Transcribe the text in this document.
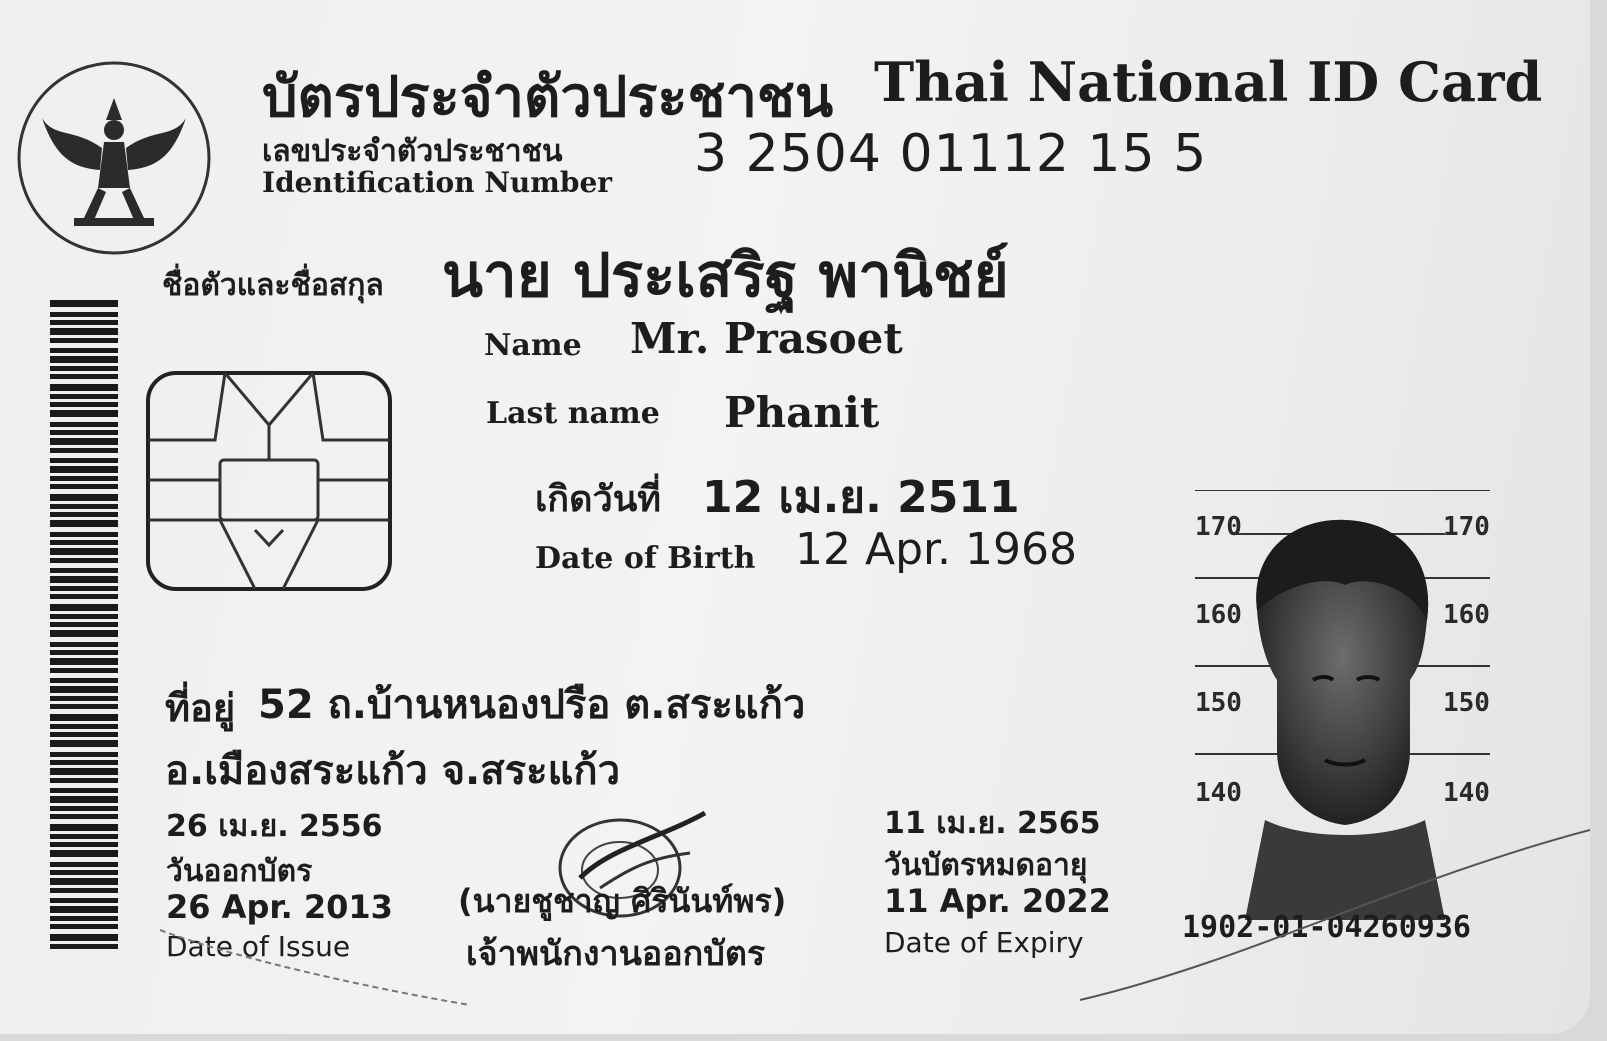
บัตรประจำตัวประชาชน Thai National ID Card
เลขประจำตัวประชาชน
Identification Number 3 2504 01112 15 5
ชื่อตัวและชื่อสกุล นาย ประเสริฐ พานิชย์
Name Mr. Prasoet
Last name Phanit
เกิดวันที่ 12 เม.ย. 2511
Date of Birth 12 Apr. 1968
ที่อยู่ 52 ถ.บ้านหนองปรือ ต.สระแก้ว
อ.เมืองสระแก้ว จ.สระแก้ว
26 เม.ย. 2556
วันออกบัตร
26 Apr. 2013
Date of Issue
(นายชูชาญ ศิรินันท์พร)
เจ้าพนักงานออกบัตร
11 เม.ย. 2565
วันบัตรหมดอายุ
11 Apr. 2022
Date of Expiry
170
160
150
140
170
160
150
140
1902-01-04260936
